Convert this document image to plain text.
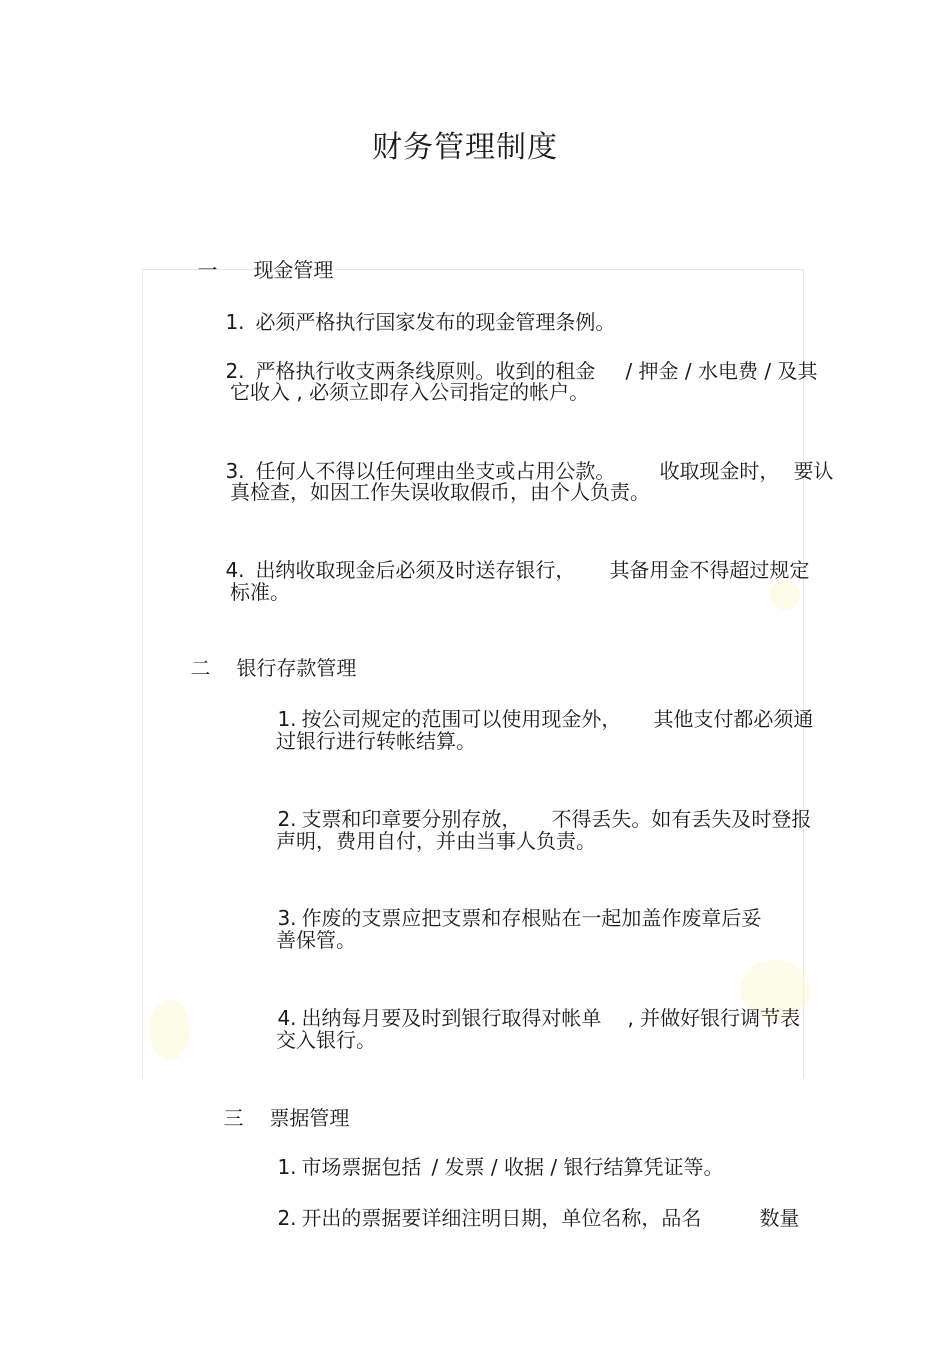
财务管理制度

一 现金管理

1. 必须严格执行国家发布的现金管理条例。

2. 严格执行收支两条线原则。收到的租金 / 押金 / 水电费 / 及其

它收入 , 必须立即存入公司指定的帐户。

3. 任何人不得以任何理由坐支或占用公款。 收取现金时， 要认

真检查，如因工作失误收取假币，由个人负责。

4. 出纳收取现金后必须及时送存银行， 其备用金不得超过规定

标准。

二 银行存款管理

1. 按公司规定的范围可以使用现金外， 其他支付都必须通

过银行进行转帐结算。

2. 支票和印章要分别存放， 不得丢失。如有丢失及时登报

声明，费用自付，并由当事人负责。

3. 作废的支票应把支票和存根贴在一起加盖作废章后妥

善保管。

4. 出纳每月要及时到银行取得对帐单 , 并做好银行调节表

交入银行。

三 票据管理

1. 市场票据包括 / 发票 / 收据 / 银行结算凭证等。

2. 开出的票据要详细注明日期，单位名称，品名	数量
